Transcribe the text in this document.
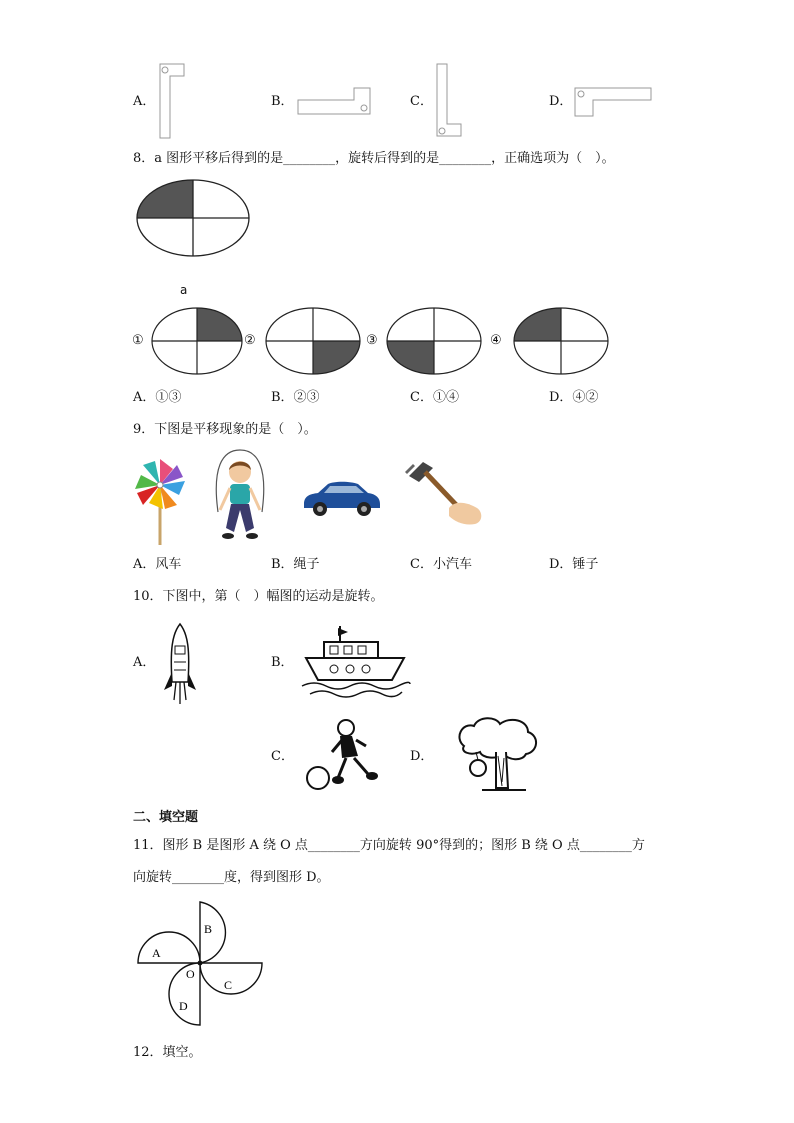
A．	B．	C．	D．
8．a 图形平移后得到的是________，旋转后得到的是________，正确选项为（　）。
a
①	②	③	④
A．①③	B．②③	C．①④	D．④②
9．下图是平移现象的是（　）。
A．风车	B．绳子	C．小汽车	D．锤子
10．下图中，第（　）幅图的运动是旋转。
A．	B．
C．	D．
二、填空题
11．图形 B 是图形 A 绕 O 点________方向旋转 90°得到的；图形 B 绕 O 点________方
向旋转________度，得到图形 D。
A
B
C
D
O
12．填空。
